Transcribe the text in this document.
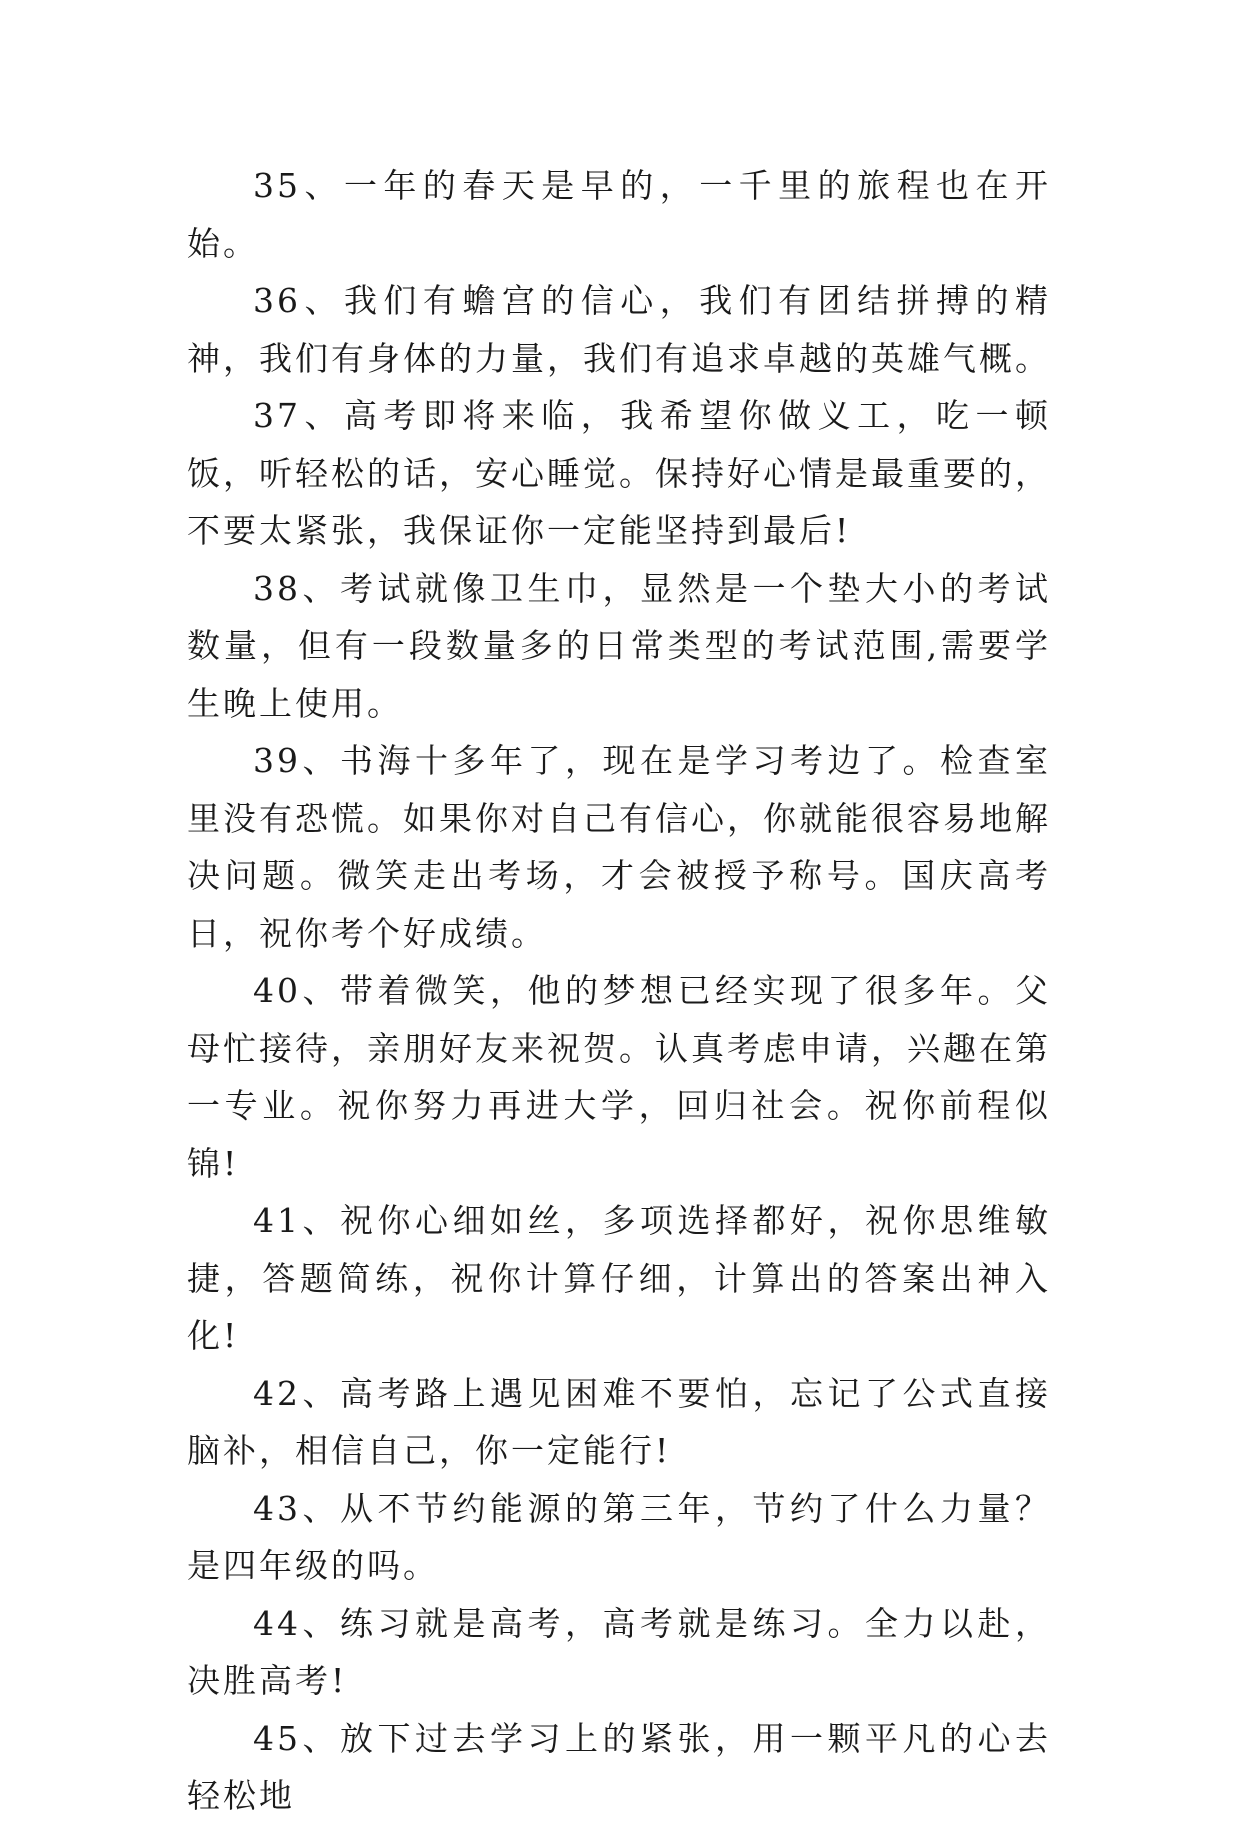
35、一年的春天是早的，一千里的旅程也在开始。

36、我们有蟾宫的信心，我们有团结拼搏的精神，我们有身体的力量，我们有追求卓越的英雄气概。

37、高考即将来临，我希望你做义工，吃一顿饭，听轻松的话，安心睡觉。保持好心情是最重要的，不要太紧张，我保证你一定能坚持到最后!

38、考试就像卫生巾，显然是一个垫大小的考试数量，但有一段数量多的日常类型的考试范围,需要学生晚上使用。

39、书海十多年了，现在是学习考边了。检查室里没有恐慌。如果你对自己有信心，你就能很容易地解决问题。微笑走出考场，才会被授予称号。国庆高考日，祝你考个好成绩。

40、带着微笑，他的梦想已经实现了很多年。父母忙接待，亲朋好友来祝贺。认真考虑申请，兴趣在第一专业。祝你努力再进大学，回归社会。祝你前程似锦!

41、祝你心细如丝，多项选择都好，祝你思维敏捷，答题简练，祝你计算仔细，计算出的答案出神入化!

42、高考路上遇见困难不要怕，忘记了公式直接脑补，相信自己，你一定能行!

43、从不节约能源的第三年，节约了什么力量？是四年级的吗。

44、练习就是高考，高考就是练习。全力以赴，决胜高考!

45、放下过去学习上的紧张，用一颗平凡的心去轻松地
